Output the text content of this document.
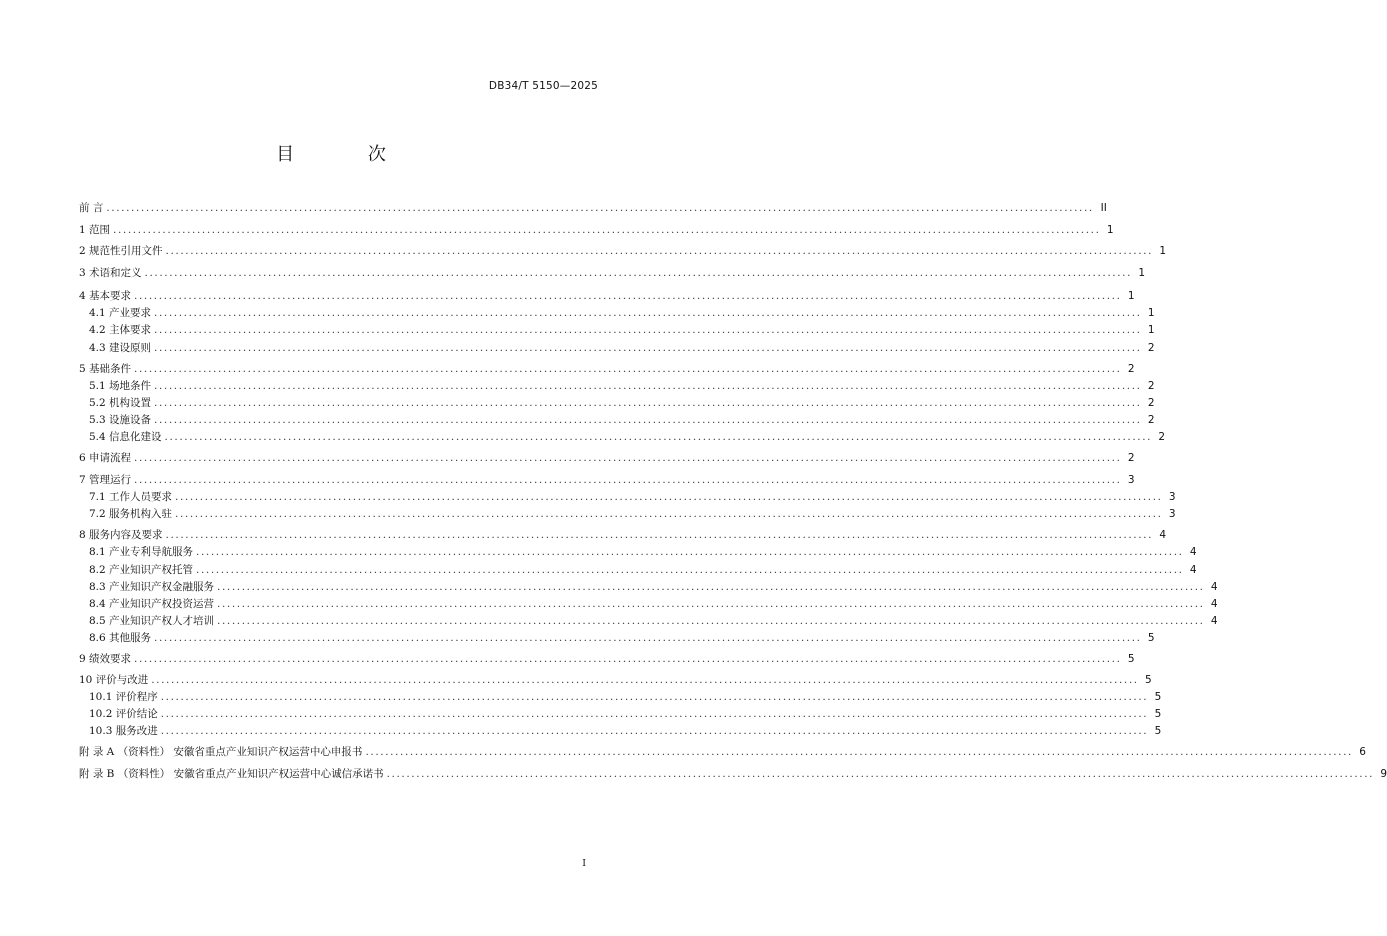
DB34/T 5150—2025
目 次
前 言 ........................................................................................................................................................................................................ II
1 范围 ........................................................................................................................................................................................................ 1
2 规范性引用文件 ........................................................................................................................................................................................................ 1
3 术语和定义 ........................................................................................................................................................................................................ 1
4 基本要求 ........................................................................................................................................................................................................ 1
4.1 产业要求 ........................................................................................................................................................................................................ 1
4.2 主体要求 ........................................................................................................................................................................................................ 1
4.3 建设原则 ........................................................................................................................................................................................................ 2
5 基础条件 ........................................................................................................................................................................................................ 2
5.1 场地条件 ........................................................................................................................................................................................................ 2
5.2 机构设置 ........................................................................................................................................................................................................ 2
5.3 设施设备 ........................................................................................................................................................................................................ 2
5.4 信息化建设 ........................................................................................................................................................................................................ 2
6 申请流程 ........................................................................................................................................................................................................ 2
7 管理运行 ........................................................................................................................................................................................................ 3
7.1 工作人员要求 ........................................................................................................................................................................................................ 3
7.2 服务机构入驻 ........................................................................................................................................................................................................ 3
8 服务内容及要求 ........................................................................................................................................................................................................ 4
8.1 产业专利导航服务 ........................................................................................................................................................................................................ 4
8.2 产业知识产权托管 ........................................................................................................................................................................................................ 4
8.3 产业知识产权金融服务 ........................................................................................................................................................................................................ 4
8.4 产业知识产权投资运营 ........................................................................................................................................................................................................ 4
8.5 产业知识产权人才培训 ........................................................................................................................................................................................................ 4
8.6 其他服务 ........................................................................................................................................................................................................ 5
9 绩效要求 ........................................................................................................................................................................................................ 5
10 评价与改进 ........................................................................................................................................................................................................ 5
10.1 评价程序 ........................................................................................................................................................................................................ 5
10.2 评价结论 ........................................................................................................................................................................................................ 5
10.3 服务改进 ........................................................................................................................................................................................................ 5
附 录 A （资料性） 安徽省重点产业知识产权运营中心申报书 ........................................................................................................................................................................................................ 6
附 录 B （资料性） 安徽省重点产业知识产权运营中心诚信承诺书 ........................................................................................................................................................................................................ 9
I
